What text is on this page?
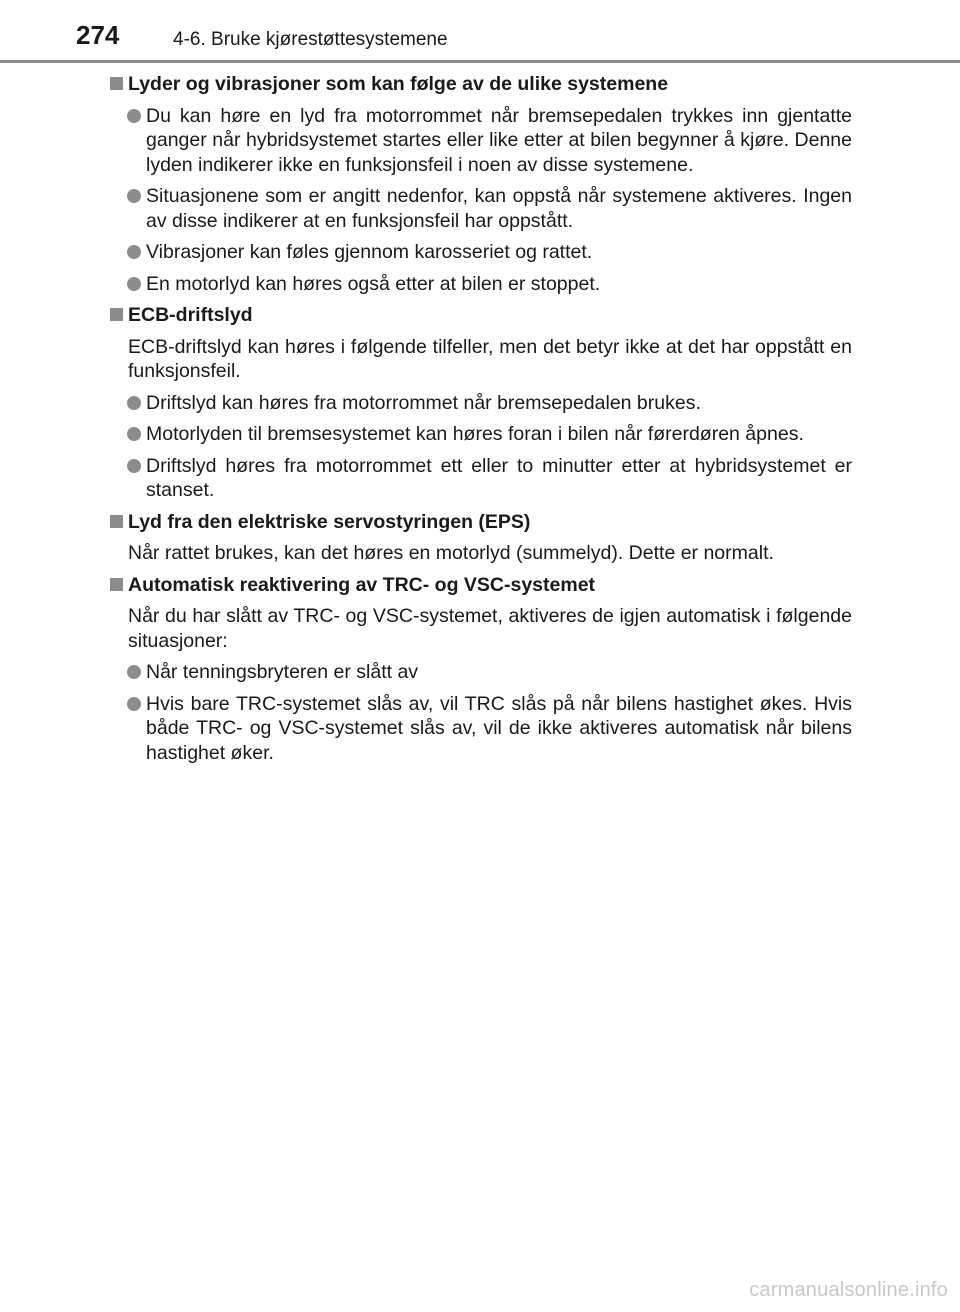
274	4-6. Bruke kjørestøttesystemene
Lyder og vibrasjoner som kan følge av de ulike systemene
Du kan høre en lyd fra motorrommet når bremsepedalen trykkes inn gjentatte ganger når hybridsystemet startes eller like etter at bilen begynner å kjøre. Denne lyden indikerer ikke en funksjonsfeil i noen av disse systemene.
Situasjonene som er angitt nedenfor, kan oppstå når systemene aktiveres. Ingen av disse indikerer at en funksjonsfeil har oppstått.
Vibrasjoner kan føles gjennom karosseriet og rattet.
En motorlyd kan høres også etter at bilen er stoppet.
ECB-driftslyd
ECB-driftslyd kan høres i følgende tilfeller, men det betyr ikke at det har oppstått en funksjonsfeil.
Driftslyd kan høres fra motorrommet når bremsepedalen brukes.
Motorlyden til bremsesystemet kan høres foran i bilen når førerdøren åpnes.
Driftslyd høres fra motorrommet ett eller to minutter etter at hybridsystemet er stanset.
Lyd fra den elektriske servostyringen (EPS)
Når rattet brukes, kan det høres en motorlyd (summelyd). Dette er normalt.
Automatisk reaktivering av TRC- og VSC-systemet
Når du har slått av TRC- og VSC-systemet, aktiveres de igjen automatisk i følgende situasjoner:
Når tenningsbryteren er slått av
Hvis bare TRC-systemet slås av, vil TRC slås på når bilens hastighet økes. Hvis både TRC- og VSC-systemet slås av, vil de ikke aktiveres automatisk når bilens hastighet øker.
carmanualsonline.info
